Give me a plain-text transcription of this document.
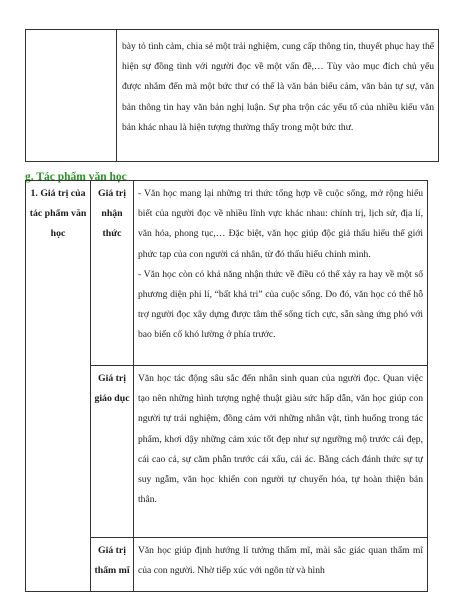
bày tỏ tình cảm, chia sẻ một trải nghiệm, cung cấp thông tin, thuyết phục hay thể hiện sự đồng tình với người đọc về một vấn đề,… Tùy vào mục đích chủ yếu được nhắm đến mà một bức thư có thể là văn bản biểu cảm, văn bản tự sự, văn bản thông tin hay văn bản nghị luận. Sự pha trộn các yếu tố của nhiều kiểu văn bản khác nhau là hiện tượng thường thấy trong một bức thư.

g. Tác phẩm văn học
1. Giá trị của tác phẩm văn học	Giá trị nhận thức	- Văn học mang lại những tri thức tổng hợp về cuộc sống, mở rộng hiểu biết của người đọc về nhiều lĩnh vực khác nhau: chính trị, lịch sử, địa lí, văn hóa, phong tục,… Đặc biệt, văn học giúp độc giả thấu hiểu thế giới phức tạp của con người cá nhân, từ đó thấu hiểu chính mình.

- Văn học còn có khả năng nhận thức về điều có thể xảy ra hay về một số phương diện phi lí, “bất khả tri” của cuộc sống. Do đó, văn học có thể hỗ trợ người đọc xây dựng được tâm thế sống tích cực, sẵn sàng ứng phó với bao biến cố khó lường ở phía trước.

	Giá trị giáo dục	Văn học tác động sâu sắc đến nhân sinh quan của người đọc. Quan việc tạo nên những hình tượng nghệ thuật giàu sức hấp dẫn, văn học giúp con người tự trải nghiệm, đồng cảm với những nhân vật, tình huống trong tác phẩm, khơi dậy những cảm xúc tốt đẹp như sự ngưỡng mộ trước cái đẹp, cái cao cả, sự căm phẫn trước cái xấu, cái ác. Bằng cách đánh thức sự tự suy ngẫm, văn học khiến con người tự chuyển hóa, tự hoàn thiện bản thân.

	Giá trị thẩm mĩ	Văn học giúp định hướng lí tưởng thẩm mĩ, mài sắc giác quan thẩm mĩ của con người. Nhờ tiếp xúc với ngôn từ và hình
